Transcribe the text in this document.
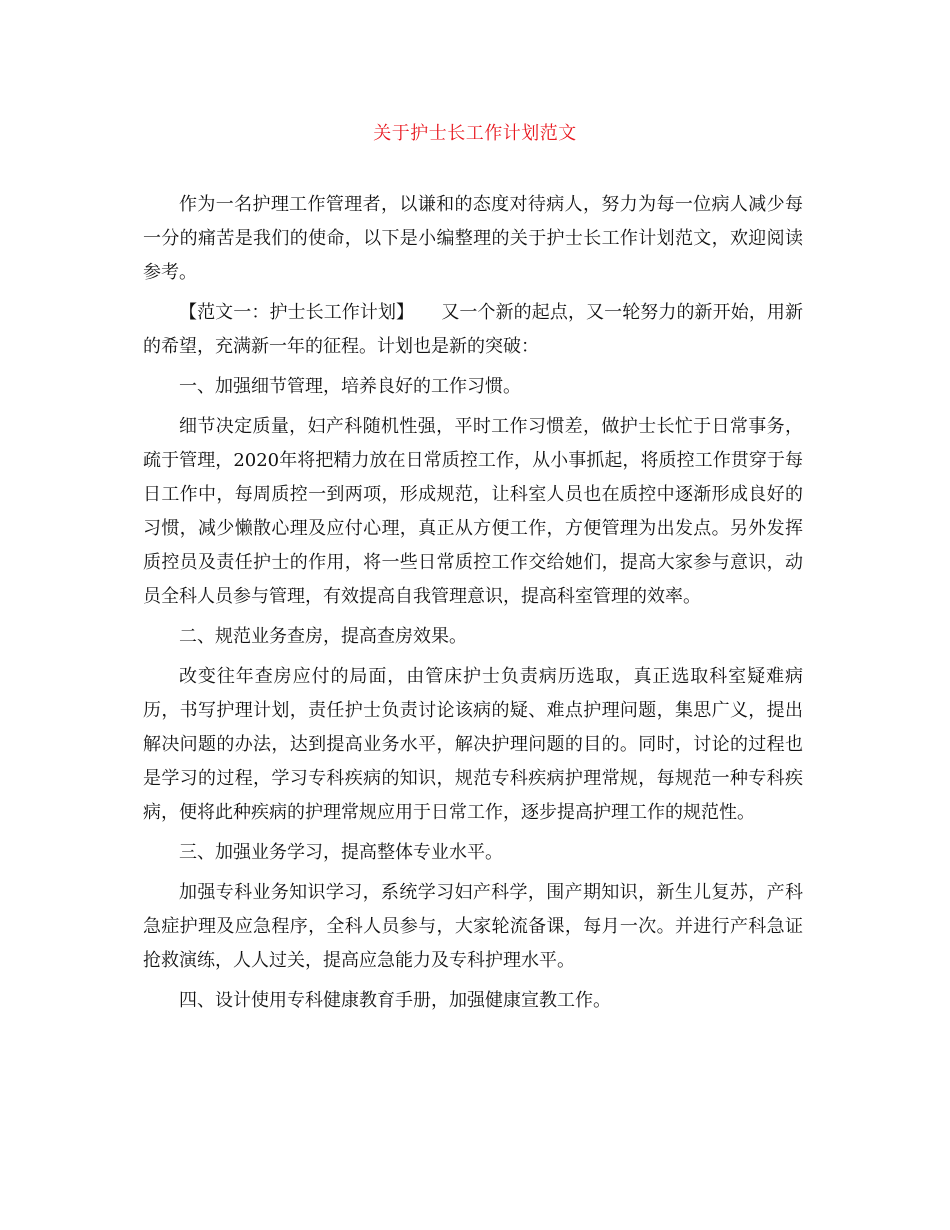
关于护士长工作计划范文

作为一名护理工作管理者，以谦和的态度对待病人，努力为每一位病人减少每一分的痛苦是我们的使命，以下是小编整理的关于护士长工作计划范文，欢迎阅读参考。

【范文一：护士长工作计划】　　又一个新的起点，又一轮努力的新开始，用新的希望，充满新一年的征程。计划也是新的突破：

一、加强细节管理，培养良好的工作习惯。

细节决定质量，妇产科随机性强，平时工作习惯差，做护士长忙于日常事务，疏于管理，2020年将把精力放在日常质控工作，从小事抓起，将质控工作贯穿于每日工作中，每周质控一到两项，形成规范，让科室人员也在质控中逐渐形成良好的习惯，减少懒散心理及应付心理，真正从方便工作，方便管理为出发点。另外发挥质控员及责任护士的作用，将一些日常质控工作交给她们，提高大家参与意识，动员全科人员参与管理，有效提高自我管理意识，提高科室管理的效率。

二、规范业务查房，提高查房效果。

改变往年查房应付的局面，由管床护士负责病历选取，真正选取科室疑难病历，书写护理计划，责任护士负责讨论该病的疑、难点护理问题，集思广义，提出解决问题的办法，达到提高业务水平，解决护理问题的目的。同时，讨论的过程也是学习的过程，学习专科疾病的知识，规范专科疾病护理常规，每规范一种专科疾病，便将此种疾病的护理常规应用于日常工作，逐步提高护理工作的规范性。

三、加强业务学习，提高整体专业水平。

加强专科业务知识学习，系统学习妇产科学，围产期知识，新生儿复苏，产科急症护理及应急程序，全科人员参与，大家轮流备课，每月一次。并进行产科急证抢救演练，人人过关，提高应急能力及专科护理水平。

四、设计使用专科健康教育手册，加强健康宣教工作。
